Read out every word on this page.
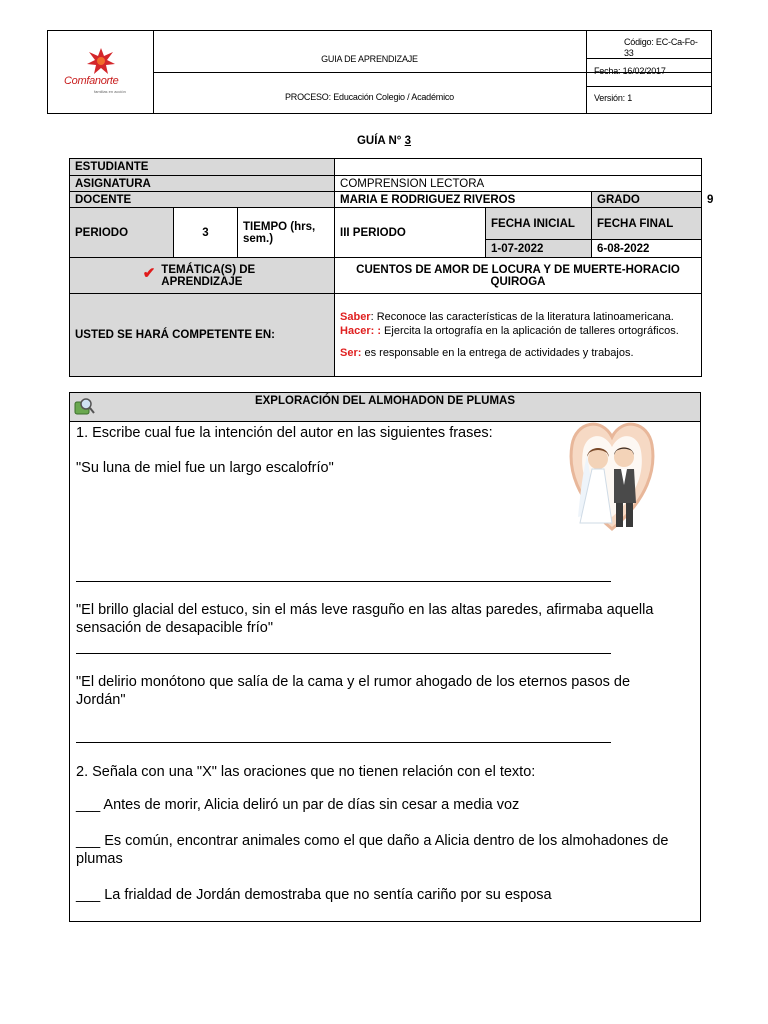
Comfanorte
familias en acción
GUIA DE APRENDIZAJE
PROCESO: Educación Colegio / Académico
Código: EC-Ca-Fo-33
Fecha: 16/02/2017
Versión: 1
GUÍA N° 3
ESTUDIANTE						
ASIGNATURA			COMPRENSION LECTORA			
DOCENTE			MARIA E RODRIGUEZ RIVEROS		GRADO	9
PERIODO	3	TIEMPO (hrs, sem.)	III PERIODO	FECHA INICIAL	FECHA FINAL	
				1-07-2022	6-08-2022	

✔ TEMÁTICA(S) DE APRENDIZAJE			CUENTOS DE AMOR DE LOCURA Y DE MUERTE-HORACIO QUIROGA			
USTED SE HARÁ COMPETENTE EN:			Saber: Reconoce las características de la literatura latinoamericana.

Hacer: : Ejercita la ortografía en la aplicación de talleres ortográficos.

Ser: es responsable en la entrega de actividades y trabajos.			

EXPLORACIÓN DEL ALMOHADON DE PLUMAS
1. Escribe cual fue la intención del autor en las siguientes frases:
"Su luna de miel fue un largo escalofrío"
"El brillo glacial del estuco, sin el más leve rasguño en las altas paredes, afirmaba aquella
sensación de desapacible frío"
"El delirio monótono que salía de la cama y el rumor ahogado de los eternos pasos de
Jordán"
2. Señala con una "X" las oraciones que no tienen relación con el texto:
___ Antes de morir, Alicia deliró un par de días sin cesar a media voz
___ Es común, encontrar animales como el que daño a Alicia dentro de los almohadones de
plumas
___ La frialdad de Jordán demostraba que no sentía cariño por su esposa
